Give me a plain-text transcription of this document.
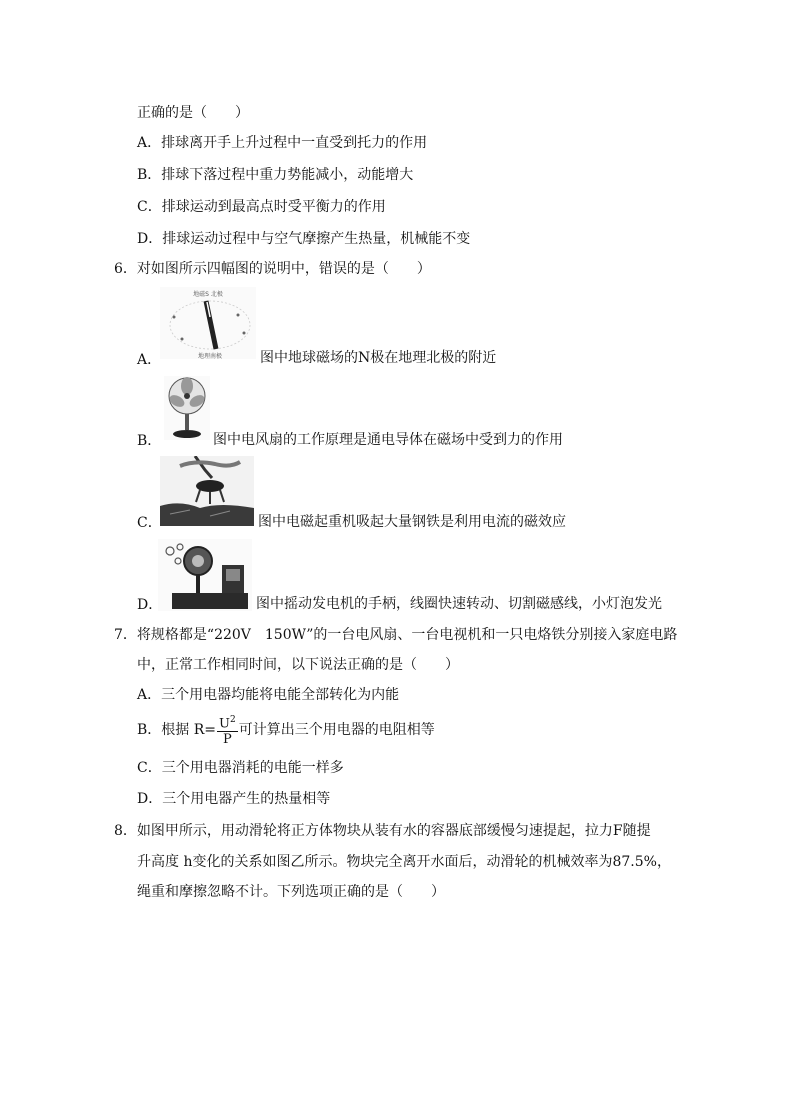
正确的是（　　）
A．排球离开手上升过程中一直受到托力的作用
B．排球下落过程中重力势能减小，动能增大
C．排球运动到最高点时受平衡力的作用
D．排球运动过程中与空气摩擦产生热量，机械能不变
6．对如图所示四幅图的说明中，错误的是（　　）
地磁S 北极
地理南极
A．	图中地球磁场的N极在地理北极的附近
B．	图中电风扇的工作原理是通电导体在磁场中受到力的作用
C．	图中电磁起重机吸起大量钢铁是利用电流的磁效应
D．	图中摇动发电机的手柄，线圈快速转动、切割磁感线，小灯泡发光
7．将规格都是“220V　150W”的一台电风扇、一台电视机和一只电烙铁分别接入家庭电路
中，正常工作相同时间，以下说法正确的是（　　）
A．三个用电器均能将电能全部转化为内能
B．根据 $R= \frac{U^2}{P}$ 可计算出三个用电器的电阻相等
C．三个用电器消耗的电能一样多
D．三个用电器产生的热量相等
8．如图甲所示，用动滑轮将正方体物块从装有水的容器底部缓慢匀速提起，拉力F随提
升高度 h变化的关系如图乙所示。物块完全离开水面后，动滑轮的机械效率为87.5%，
绳重和摩擦忽略不计。下列选项正确的是（　　）
